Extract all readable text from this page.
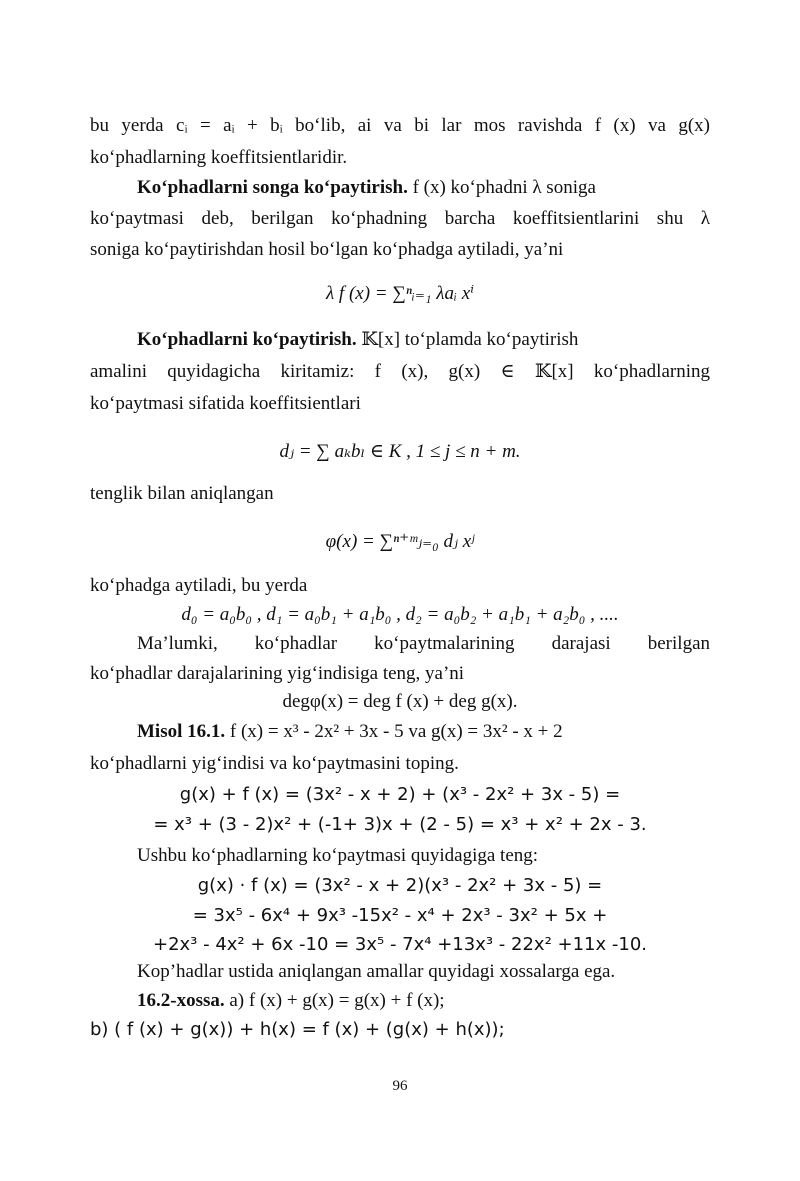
bu yerda cᵢ = aᵢ + bᵢ bo‘lib, ai va bi lar mos ravishda f (x) va g(x)
ko‘phadlarning koeffitsientlaridir.
Ko‘phadlarni songa ko‘paytirish. f (x) ko‘phadni λ soniga
ko‘paytmasi deb, berilgan ko‘phadning barcha koeffitsientlarini shu λ
soniga ko‘paytirishdan hosil bo‘lgan ko‘phadga aytiladi, ya’ni
λ f (x) = ∑ⁿᵢ₌₁ λaᵢ xⁱ
Ko‘phadlarni ko‘paytirish. 𝕂[x] to‘plamda ko‘paytirish
amalini quyidagicha kiritamiz: f (x), g(x) ∈ 𝕂[x] ko‘phadlarning
ko‘paytmasi sifatida koeffitsientlari
dⱼ = ∑ aₖbₗ ∈ K , 1 ≤ j ≤ n + m.
tenglik bilan aniqlangan
φ(x) = ∑ⁿ⁺ᵐⱼ₌₀ dⱼ xʲ
ko‘phadga aytiladi, bu yerda
d₀ = a₀b₀ , d₁ = a₀b₁ + a₁b₀ , d₂ = a₀b₂ + a₁b₁ + a₂b₀ , ....
Ma’lumki, ko‘phadlar ko‘paytmalarining darajasi berilgan
ko‘phadlar darajalarining yig‘indisiga teng, ya’ni
degφ(x) = deg f (x) + deg g(x).
Misol 16.1. f (x) = x³ - 2x² + 3x - 5 va g(x) = 3x² - x + 2
ko‘phadlarni yig‘indisi va ko‘paytmasini toping.
g(x) + f (x) = (3x² - x + 2) + (x³ - 2x² + 3x - 5) =
= x³ + (3 - 2)x² + (-1+ 3)x + (2 - 5) = x³ + x² + 2x - 3.
Ushbu ko‘phadlarning ko‘paytmasi quyidagiga teng:
g(x) · f (x) = (3x² - x + 2)(x³ - 2x² + 3x - 5) =
= 3x⁵ - 6x⁴ + 9x³ -15x² - x⁴ + 2x³ - 3x² + 5x +
+2x³ - 4x² + 6x -10 = 3x⁵ - 7x⁴ +13x³ - 22x² +11x -10.
Kop’hadlar ustida aniqlangan amallar quyidagi xossalarga ega.
16.2-xossa. a) f (x) + g(x) = g(x) + f (x);
b) ( f (x) + g(x)) + h(x) = f (x) + (g(x) + h(x));
96
